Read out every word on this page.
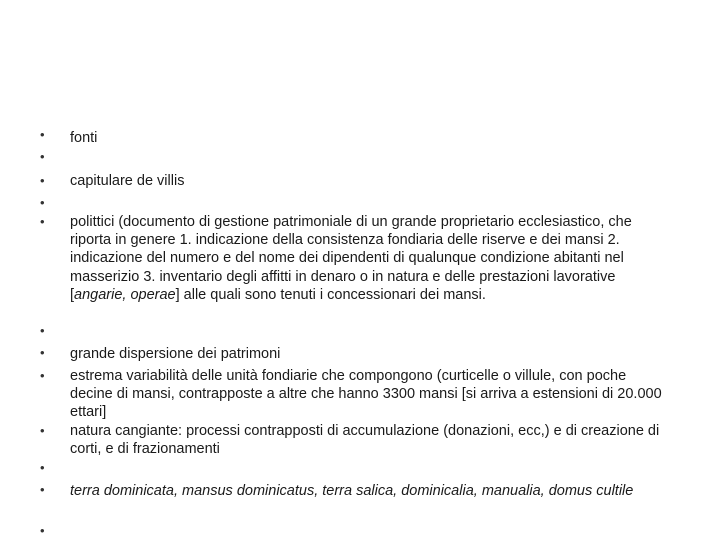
•
•
•
•
•
•
•
•
•
•
•
•
fonti
capitulare de villis
polittici (documento di gestione patrimoniale di un grande proprietario ecclesiastico, che riporta in genere 1. indicazione della consistenza fondiaria delle riserve e dei mansi 2. indicazione del numero e del nome dei dipendenti di qualunque condizione abitanti nel masserizio 3. inventario degli affitti in denaro o in natura e delle prestazioni lavorative [angarie, operae] alle quali sono tenuti i concessionari dei mansi.
grande dispersione dei patrimoni
estrema variabilità delle unità fondiarie che compongono (curticelle o villule, con poche decine di mansi, contrapposte a altre che hanno 3300 mansi [si arriva a estensioni di 20.000 ettari]
natura cangiante: processi contrapposti di accumulazione (donazioni, ecc,) e di creazione di corti, e di frazionamenti
terra dominicata, mansus dominicatus, terra salica, dominicalia, manualia, domus cultile
